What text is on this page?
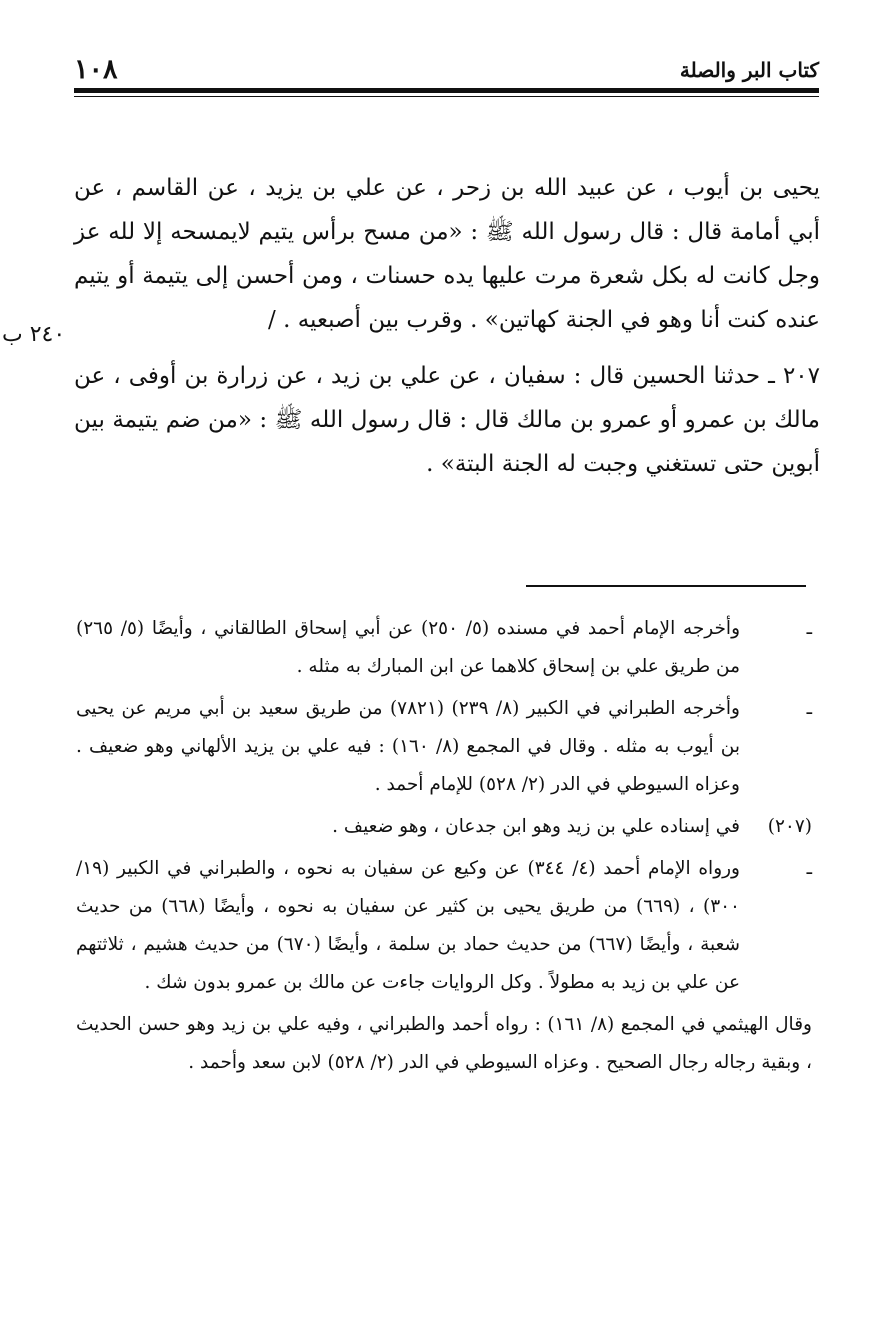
١٠٨	كتاب البر والصلة
٢٤٠ ب

يحيى بن أيوب ، عن عبيد الله بن زحر ، عن علي بن يزيد ، عن القاسم ، عن أبي أمامة قال : قال رسول الله ﷺ : «من مسح برأس يتيم لايمسحه إلا لله عز وجل كانت له بكل شعرة مرت عليها يده حسنات ، ومن أحسن إلى يتيمة أو يتيم عنده كنت أنا وهو في الجنة كهاتين» . وقرب بين أصبعيه . /

٢٠٧ ـ حدثنا الحسين قال : سفيان ، عن علي بن زيد ، عن زرارة بن أوفى ، عن مالك بن عمرو أو عمرو بن مالك قال : قال رسول الله ﷺ : «من ضم يتيمة بين أبوين حتى تستغني وجبت له الجنة البتة» .

ـ
وأخرجه الإمام أحمد في مسنده (٥/ ٢٥٠) عن أبي إسحاق الطالقاني ، وأيضًا (٥/ ٢٦٥) من طريق علي بن إسحاق كلاهما عن ابن المبارك به مثله .
ـ
وأخرجه الطبراني في الكبير (٨/ ٢٣٩) (٧٨٢١) من طريق سعيد بن أبي مريم عن يحيى بن أيوب به مثله . وقال في المجمع (٨/ ١٦٠) : فيه علي بن يزيد الألهاني وهو ضعيف . وعزاه السيوطي في الدر (٢/ ٥٢٨) للإمام أحمد .
(٢٠٧)
في إسناده علي بن زيد وهو ابن جدعان ، وهو ضعيف .
ـ
ورواه الإمام أحمد (٤/ ٣٤٤) عن وكيع عن سفيان به نحوه ، والطبراني في الكبير (١٩/ ٣٠٠) ، (٦٦٩) من طريق يحيى بن كثير عن سفيان به نحوه ، وأيضًا (٦٦٨) من حديث شعبة ، وأيضًا (٦٦٧) من حديث حماد بن سلمة ، وأيضًا (٦٧٠) من حديث هشيم ، ثلاثتهم عن علي بن زيد به مطولاً . وكل الروايات جاءت عن مالك بن عمرو بدون شك .
وقال الهيثمي في المجمع (٨/ ١٦١) : رواه أحمد والطبراني ، وفيه علي بن زيد وهو حسن الحديث ، وبقية رجاله رجال الصحيح . وعزاه السيوطي في الدر (٢/ ٥٢٨) لابن سعد وأحمد .
